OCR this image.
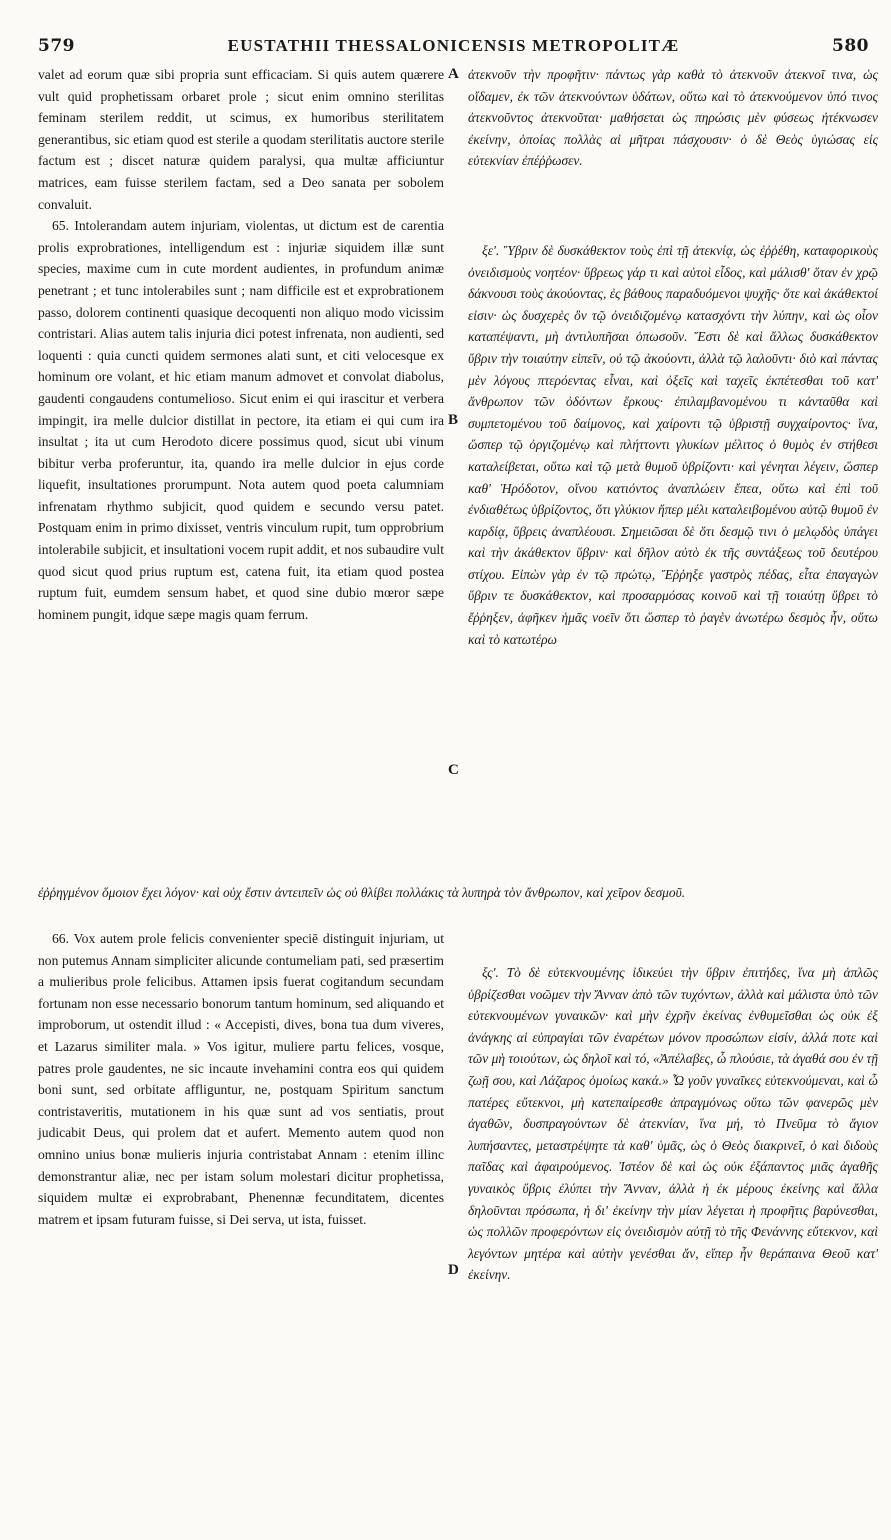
579	EUSTATHII THESSALONICENSIS METROPOLITÆ	580

valet ad eorum quæ sibi propria sunt efficaciam. Si quis autem quærere vult quid prophetissam orbaret prole ; sicut enim omnino sterilitas feminam sterilem reddit, ut scimus, ex humoribus sterilitatem generantibus, sic etiam quod est sterile a quodam sterilitatis auctore sterile factum est ; discet naturæ quidem paralysi, qua multæ afficiuntur matrices, eam fuisse sterilem factam, sed a Deo sanata per sobolem convaluit.

65. Intolerandam autem injuriam, violentas, ut dictum est de carentia prolis exprobrationes, intelligendum est : injuriæ siquidem illæ sunt species, maxime cum in cute mordent audientes, in profundum animæ penetrant ; et tunc intolerabiles sunt ; nam difficile est et exprobrationem passo, dolorem continenti quasique decoquenti non aliquo modo vicissim contristari. Alias autem talis injuria dici potest infrenata, non audienti, sed loquenti : quia cuncti quidem sermones alati sunt, et citi velocesque ex hominum ore volant, et hic etiam manum admovet et convolat diabolus, gaudenti congaudens contumelioso. Sicut enim ei qui irascitur et verbera impingit, ira melle dulcior distillat in pectore, ita etiam ei qui cum ira insultat ; ita ut cum Herodoto dicere possimus quod, sicut ubi vinum bibitur verba proferuntur, ita, quando ira melle dulcior in ejus corde liquefit, insultationes prorumpunt. Nota autem quod poeta calumniam infrenatam rhythmo subjicit, quod quidem e secundo versu patet. Postquam enim in primo dixisset, ventris vinculum rupit, tum opprobrium intolerabile subjicit, et insultationi vocem rupit addit, et nos subaudire vult quod sicut quod prius ruptum est, catena fuit, ita etiam quod postea ruptum fuit, eumdem sensum habet, et quod sine dubio mœror sæpe hominem pungit, idque sæpe magis quam ferrum.

ἀτεκνοῦν τὴν προφῆτιν· πάντως γὰρ καθὰ τὸ ἀτεκνοῦν ἀτεκνοῖ τινα, ὡς οἴδαμεν, ἐκ τῶν ἀτεκνούντων ὑδάτων, οὕτω καὶ τὸ ἀτεκνούμενον ὑπό τινος ἀτεκνοῦντος ἀτεκνοῦται· μαθήσεται ὡς πηρώσις μὲν φύσεως ἠτέκνωσεν ἐκείνην, ὁποίας πολλὰς αἱ μῆτραι πάσχουσιν· ὁ δὲ Θεὸς ὑγιώσας εἰς εὐτεκνίαν ἐπέῤῥωσεν.

ξε'. Ὕβριν δὲ δυσκάθεκτον τοὺς ἐπὶ τῇ ἀτεκνίᾳ, ὡς ἐῤῥέθη, καταφορικοὺς ὀνειδισμοὺς νοητέον· ὕβρεως γάρ τι καὶ αὐτοὶ εἶδος, καὶ μάλισθ' ὅταν ἐν χρῷ δάκνουσι τοὺς ἀκούοντας, ἐς βάθους παραδυόμενοι ψυχῆς· ὅτε καὶ ἀκάθεκτοί εἰσιν· ὡς δυσχερὲς ὂν τῷ ὀνειδιζομένῳ κατασχόντι τὴν λύπην, καὶ ὡς οἷον καταπέψαντι, μὴ ἀντιλυπῆσαι ὁπωσοῦν. Ἔστι δὲ καὶ ἄλλως δυσκάθεκτον ὕβριν τὴν τοιαύτην εἰπεῖν, οὐ τῷ ἀκούοντι, ἀλλὰ τῷ λαλοῦντι· διὸ καὶ πάντας μὲν λόγους πτερόεντας εἶναι, καὶ ὀξεῖς καὶ ταχεῖς ἐκπέτεσθαι τοῦ κατ' ἄνθρωπον τῶν ὀδόντων ἕρκους· ἐπιλαμβανομένου τι κἀνταῦθα καὶ συμπετομένου τοῦ δαίμονος, καὶ χαίροντι τῷ ὑβριστῇ συγχαίροντος· ἵνα, ὥσπερ τῷ ὀργιζομένῳ καὶ πλήττοντι γλυκίων μέλιτος ὁ θυμὸς ἐν στήθεσι καταλείβεται, οὕτω καὶ τῷ μετὰ θυμοῦ ὑβρίζοντι· καὶ γένηται λέγειν, ὥσπερ καθ' Ἡρόδοτον, οἴνου κατιόντος ἀναπλώειν ἔπεα, οὕτω καὶ ἐπὶ τοῦ ἐνδιαθέτως ὑβρίζοντος, ὅτι γλύκιον ἤπερ μέλι καταλειβομένου αὐτῷ θυμοῦ ἐν καρδίᾳ, ὕβρεις ἀναπλέουσι. Σημειῶσαι δὲ ὅτι δεσμῷ τινι ὁ μελῳδὸς ὑπάγει καὶ τὴν ἀκάθεκτον ὕβριν· καὶ δῆλον αὐτὸ ἐκ τῆς συντάξεως τοῦ δευτέρου στίχου. Εἰπὼν γὰρ ἐν τῷ πρώτῳ, Ἔῤῥηξε γαστρὸς πέδας, εἶτα ἐπαγαγὼν ὕβριν τε δυσκάθεκτον, καὶ προσαρμόσας κοινοῦ καὶ τῇ τοιαύτῃ ὕβρει τὸ ἔῤῥηξεν, ἀφῆκεν ἡμᾶς νοεῖν ὅτι ὥσπερ τὸ ῥαγὲν ἀνωτέρω δεσμὸς ἦν, οὕτω καὶ τὸ κατωτέρω

A
B
C
D

ἐῤῥηγμένον ὅμοιον ἔχει λόγον· καὶ οὐχ ἔστιν ἀντειπεῖν ὡς οὐ θλίβει πολλάκις τὰ λυπηρὰ τὸν ἄνθρωπον, καὶ χεῖρον δεσμοῦ.

66. Vox autem prole felicis convenienter speciē distinguit injuriam, ut non putemus Annam simpliciter alicunde contumeliam pati, sed præsertim a mulieribus prole felicibus. Attamen ipsis fuerat cogitandum secundam fortunam non esse necessario bonorum tantum hominum, sed aliquando et improborum, ut ostendit illud : « Accepisti, dives, bona tua dum viveres, et Lazarus similiter mala. » Vos igitur, muliere partu felices, vosque, patres prole gaudentes, ne sic incaute invehamini contra eos qui quidem boni sunt, sed orbitate affliguntur, ne, postquam Spiritum sanctum contristaveritis, mutationem in his quæ sunt ad vos sentiatis, prout judicabit Deus, qui prolem dat et aufert. Memento autem quod non omnino unius bonæ mulieris injuria contristabat Annam : etenim illinc demonstrantur aliæ, nec per istam solum molestari dicitur prophetissa, siquidem multæ ei exprobrabant, Phenennæ fecunditatem, dicentes matrem et ipsam futuram fuisse, si Dei serva, ut ista, fuisset.

ξς'. Τὸ δὲ εὐτεκνουμένης ἰδικεύει τὴν ὕβριν ἐπιτήδες, ἵνα μὴ ἁπλῶς ὑβρίζεσθαι νοῶμεν τὴν Ἄνναν ἀπὸ τῶν τυχόντων, ἀλλὰ καὶ μάλιστα ὑπὸ τῶν εὐτεκνουμένων γυναικῶν· καὶ μὴν ἐχρῆν ἐκείνας ἐνθυμεῖσθαι ὡς οὐκ ἐξ ἀνάγκης αἱ εὐπραγίαι τῶν ἐναρέτων μόνον προσώπων εἰσίν, ἀλλά ποτε καὶ τῶν μὴ τοιούτων, ὡς δηλοῖ καὶ τό, «Ἀπέλαβες, ὦ πλούσιε, τὰ ἀγαθά σου ἐν τῇ ζωῇ σου, καὶ Λάζαρος ὁμοίως κακά.» Ὦ γοῦν γυναῖκες εὐτεκνούμεναι, καὶ ὦ πατέρες εὔτεκνοι, μὴ κατεπαίρεσθε ἀπραγμόνως οὕτω τῶν φανερῶς μὲν ἀγαθῶν, δυσπραγούντων δὲ ἀτεκνίαν, ἵνα μή, τὸ Πνεῦμα τὸ ἅγιον λυπήσαντες, μεταστρέψητε τὰ καθ' ὑμᾶς, ὡς ὁ Θεὸς διακρινεῖ, ὁ καὶ διδοὺς παῖδας καὶ ἀφαιρούμενος. Ἰστέον δὲ καὶ ὡς οὐκ ἐξάπαντος μιᾶς ἀγαθῆς γυναικὸς ὕβρις ἐλύπει τὴν Ἄνναν, ἀλλὰ ἡ ἐκ μέρους ἐκείνης καὶ ἄλλα δηλοῦνται πρόσωπα, ἡ δι' ἐκείνην τὴν μίαν λέγεται ἡ προφῆτις βαρύνεσθαι, ὡς πολλῶν προφερόντων εἰς ὀνειδισμὸν αὐτῇ τὸ τῆς Φενάννης εὔτεκνον, καὶ λεγόντων μητέρα καὶ αὐτὴν γενέσθαι ἄν, εἴπερ ἦν θεράπαινα Θεοῦ κατ' ἐκείνην.
